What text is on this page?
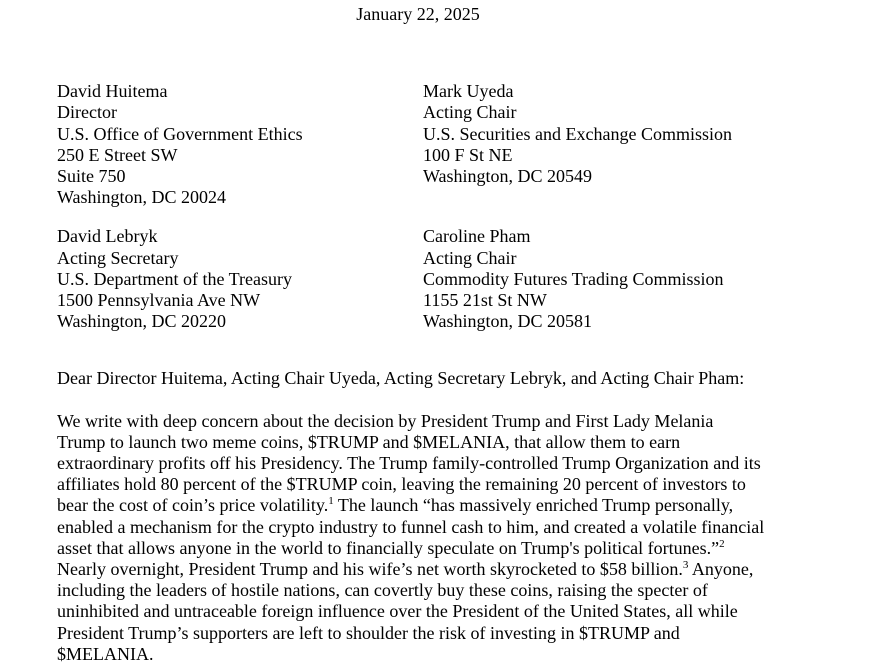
January 22, 2025
David Huitema
Director
U.S. Office of Government Ethics
250 E Street SW
Suite 750
Washington, DC 20024
Mark Uyeda
Acting Chair
U.S. Securities and Exchange Commission
100 F St NE
Washington, DC 20549
David Lebryk
Acting Secretary
U.S. Department of the Treasury
1500 Pennsylvania Ave NW
Washington, DC 20220
Caroline Pham
Acting Chair
Commodity Futures Trading Commission
1155 21st St NW
Washington, DC 20581
Dear Director Huitema, Acting Chair Uyeda, Acting Secretary Lebryk, and Acting Chair Pham:

We write with deep concern about the decision by President Trump and First Lady Melania Trump to launch two meme coins, $TRUMP and $MELANIA, that allow them to earn extraordinary profits off his Presidency. The Trump family-controlled Trump Organization and its affiliates hold 80 percent of the $TRUMP coin, leaving the remaining 20 percent of investors to bear the cost of coin’s price volatility.$^1$ The launch “has massively enriched Trump personally, enabled a mechanism for the crypto industry to funnel cash to him, and created a volatile financial asset that allows anyone in the world to financially speculate on Trump's political fortunes.”$^2$ Nearly overnight, President Trump and his wife’s net worth skyrocketed to $58 billion.$^3$ Anyone, including the leaders of hostile nations, can covertly buy these coins, raising the specter of uninhibited and untraceable foreign influence over the President of the United States, all while President Trump’s supporters are left to shoulder the risk of investing in $TRUMP and $MELANIA.
